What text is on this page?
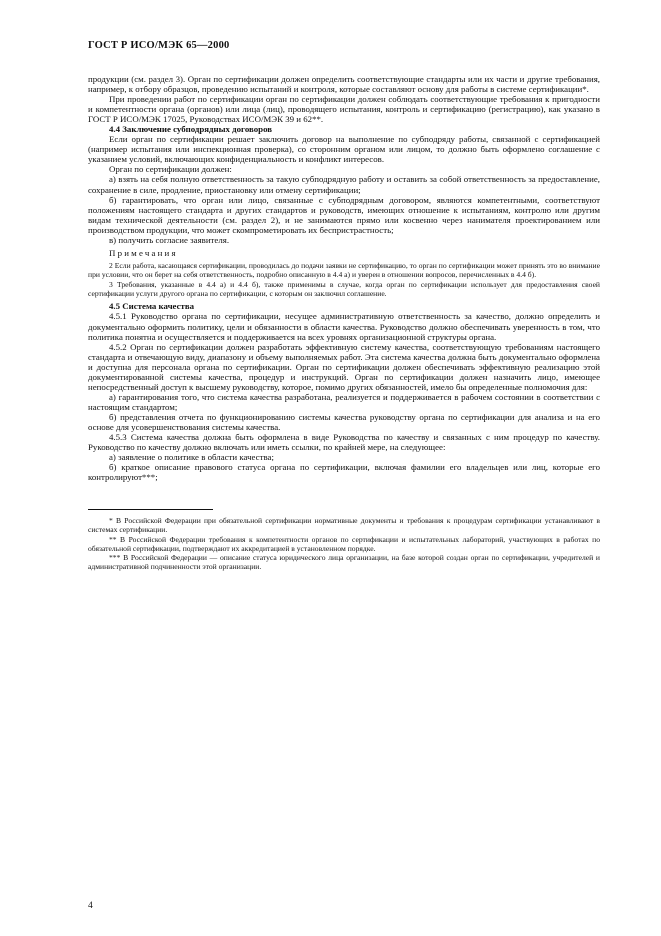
ГОСТ Р ИСО/МЭК 65—2000

продукции (см. раздел 3). Орган по сертификации должен определить соответствующие стандарты или их части и другие требования, например, к отбору образцов, проведению испытаний и контроля, которые составляют основу для работы в системе сертификации*.

При проведении работ по сертификации орган по сертификации должен соблюдать соответствующие требования к пригодности и компетентности органа (органов) или лица (лиц), проводящего испытания, контроль и сертификацию (регистрацию), как указано в ГОСТ Р ИСО/МЭК 17025, Руководствах ИСО/МЭК 39 и 62**.

4.4 Заключение субподрядных договоров

Если орган по сертификации решает заключить договор на выполнение по субподряду работы, связанной с сертификацией (например испытания или инспекционная проверка), со сторонним органом или лицом, то должно быть оформлено соглашение с указанием условий, включающих конфиденциальность и конфликт интересов.

Орган по сертификации должен:

а) взять на себя полную ответственность за такую субподрядную работу и оставить за собой ответственность за предоставление, сохранение в силе, продление, приостановку или отмену сертификации;

б) гарантировать, что орган или лицо, связанные с субподрядным договором, являются компетентными, соответствуют положениям настоящего стандарта и других стандартов и руководств, имеющих отношение к испытаниям, контролю или другим видам технической деятельности (см. раздел 2), и не занимаются прямо или косвенно через нанимателя проектированием или производством продукции, что может скомпрометировать их беспристрастность;

в) получить согласие заявителя.

Примечания

2 Если работа, касающаяся сертификации, проводилась до подачи заявки не сертификацию, то орган по сертификации может принять это во внимание при условии, что он берет на себя ответственность, подробно описанную в 4.4 а) и уверен в отношении вопросов, перечисленных в 4.4 б).

3 Требования, указанные в 4.4 а) и 4.4 б), также применимы в случае, когда орган по сертификации использует для предоставления своей сертификации услуги другого органа по сертификации, с которым он заключил соглашение.

4.5 Система качества

4.5.1 Руководство органа по сертификации, несущее административную ответственность за качество, должно определить и документально оформить политику, цели и обязанности в области качества. Руководство должно обеспечивать уверенность в том, что политика понятна и осуществляется и поддерживается на всех уровнях организационной структуры органа.

4.5.2 Орган по сертификации должен разработать эффективную систему качества, соответствующую требованиям настоящего стандарта и отвечающую виду, диапазону и объему выполняемых работ. Эта система качества должна быть документально оформлена и доступна для персонала органа по сертификации. Орган по сертификации должен обеспечивать эффективную реализацию этой документированной системы качества, процедур и инструкций. Орган по сертификации должен назначить лицо, имеющее непосредственный доступ к высшему руководству, которое, помимо других обязанностей, имело бы определенные полномочия для:

а) гарантирования того, что система качества разработана, реализуется и поддерживается в рабочем состоянии в соответствии с настоящим стандартом;

б) представления отчета по функционированию системы качества руководству органа по сертификации для анализа и на его основе для усовершенствования системы качества.

4.5.3 Система качества должна быть оформлена в виде Руководства по качеству и связанных с ним процедур по качеству. Руководство по качеству должно включать или иметь ссылки, по крайней мере, на следующее:

а) заявление о политике в области качества;

б) краткое описание правового статуса органа по сертификации, включая фамилии его владельцев или лиц, которые его контролируют***;

* В Российской Федерации при обязательной сертификации нормативные документы и требования к процедурам сертификации устанавливают в системах сертификации.

** В Российской Федерации требования к компетентности органов по сертификации и испытательных лабораторий, участвующих в работах по обязательной сертификации, подтверждают их аккредитацией в установленном порядке.

*** В Российской Федерации — описание статуса юридического лица организации, на базе которой создан орган по сертификации, учредителей и административной подчиненности этой организации.

4
